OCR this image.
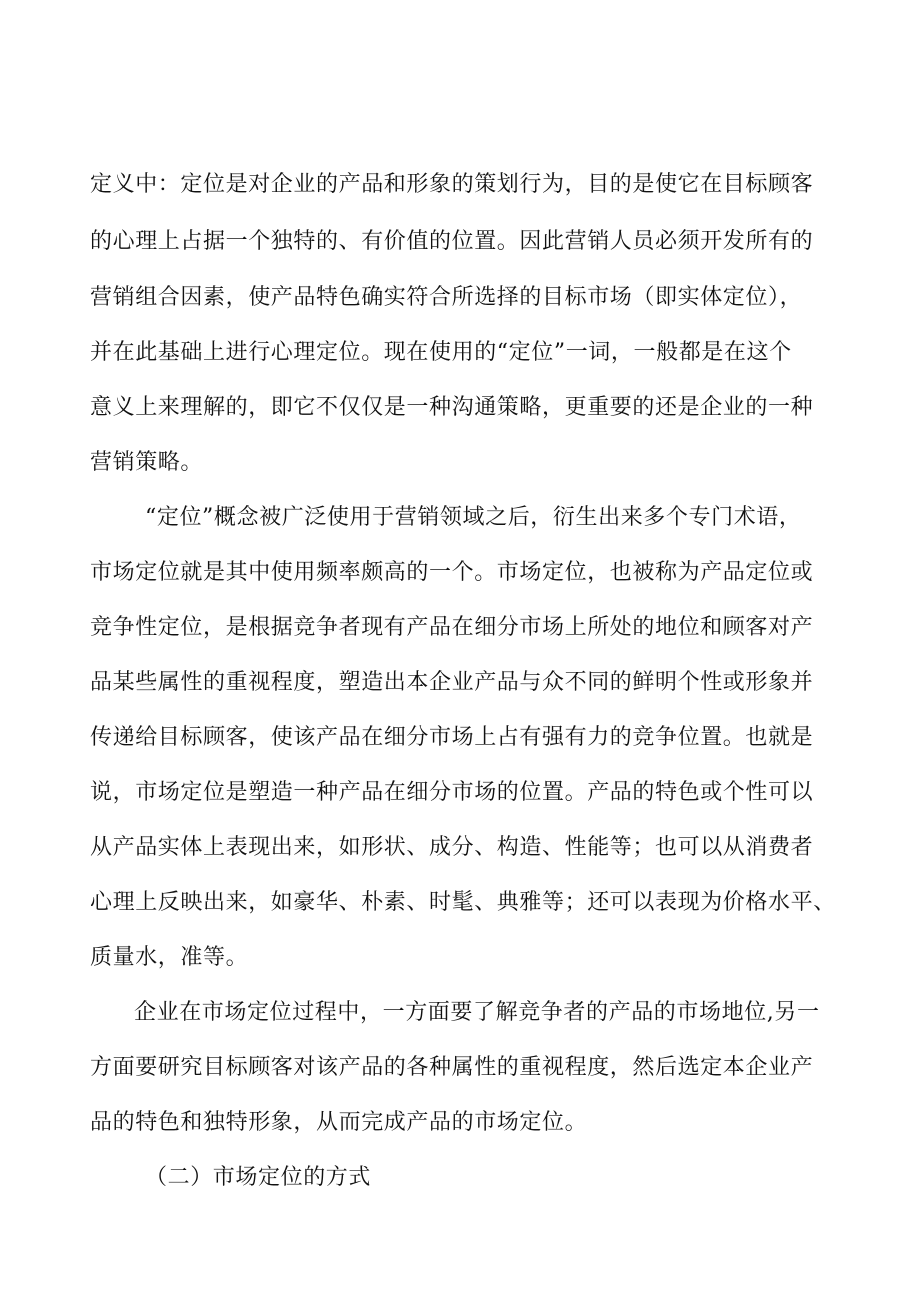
定义中：定位是对企业的产品和形象的策划行为，目的是使它在目标顾客
的心理上占据一个独特的、有价值的位置。因此营销人员必须开发所有的
营销组合因素，使产品特色确实符合所选择的目标市场（即实体定位），
并在此基础上进行心理定位。现在使用的“定位”一词，一般都是在这个
意义上来理解的，即它不仅仅是一种沟通策略，更重要的还是企业的一种
营销策略。
“定位”概念被广泛使用于营销领域之后，衍生出来多个专门术语，
市场定位就是其中使用频率颇高的一个。市场定位，也被称为产品定位或
竞争性定位，是根据竞争者现有产品在细分市场上所处的地位和顾客对产
品某些属性的重视程度，塑造出本企业产品与众不同的鲜明个性或形象并
传递给目标顾客，使该产品在细分市场上占有强有力的竞争位置。也就是
说，市场定位是塑造一种产品在细分市场的位置。产品的特色或个性可以
从产品实体上表现出来，如形状、成分、构造、性能等；也可以从消费者
心理上反映出来，如豪华、朴素、时髦、典雅等；还可以表现为价格水平、
质量水，准等。
企业在市场定位过程中，一方面要了解竞争者的产品的市场地位,另一
方面要研究目标顾客对该产品的各种属性的重视程度，然后选定本企业产
品的特色和独特形象，从而完成产品的市场定位。
（二）市场定位的方式
